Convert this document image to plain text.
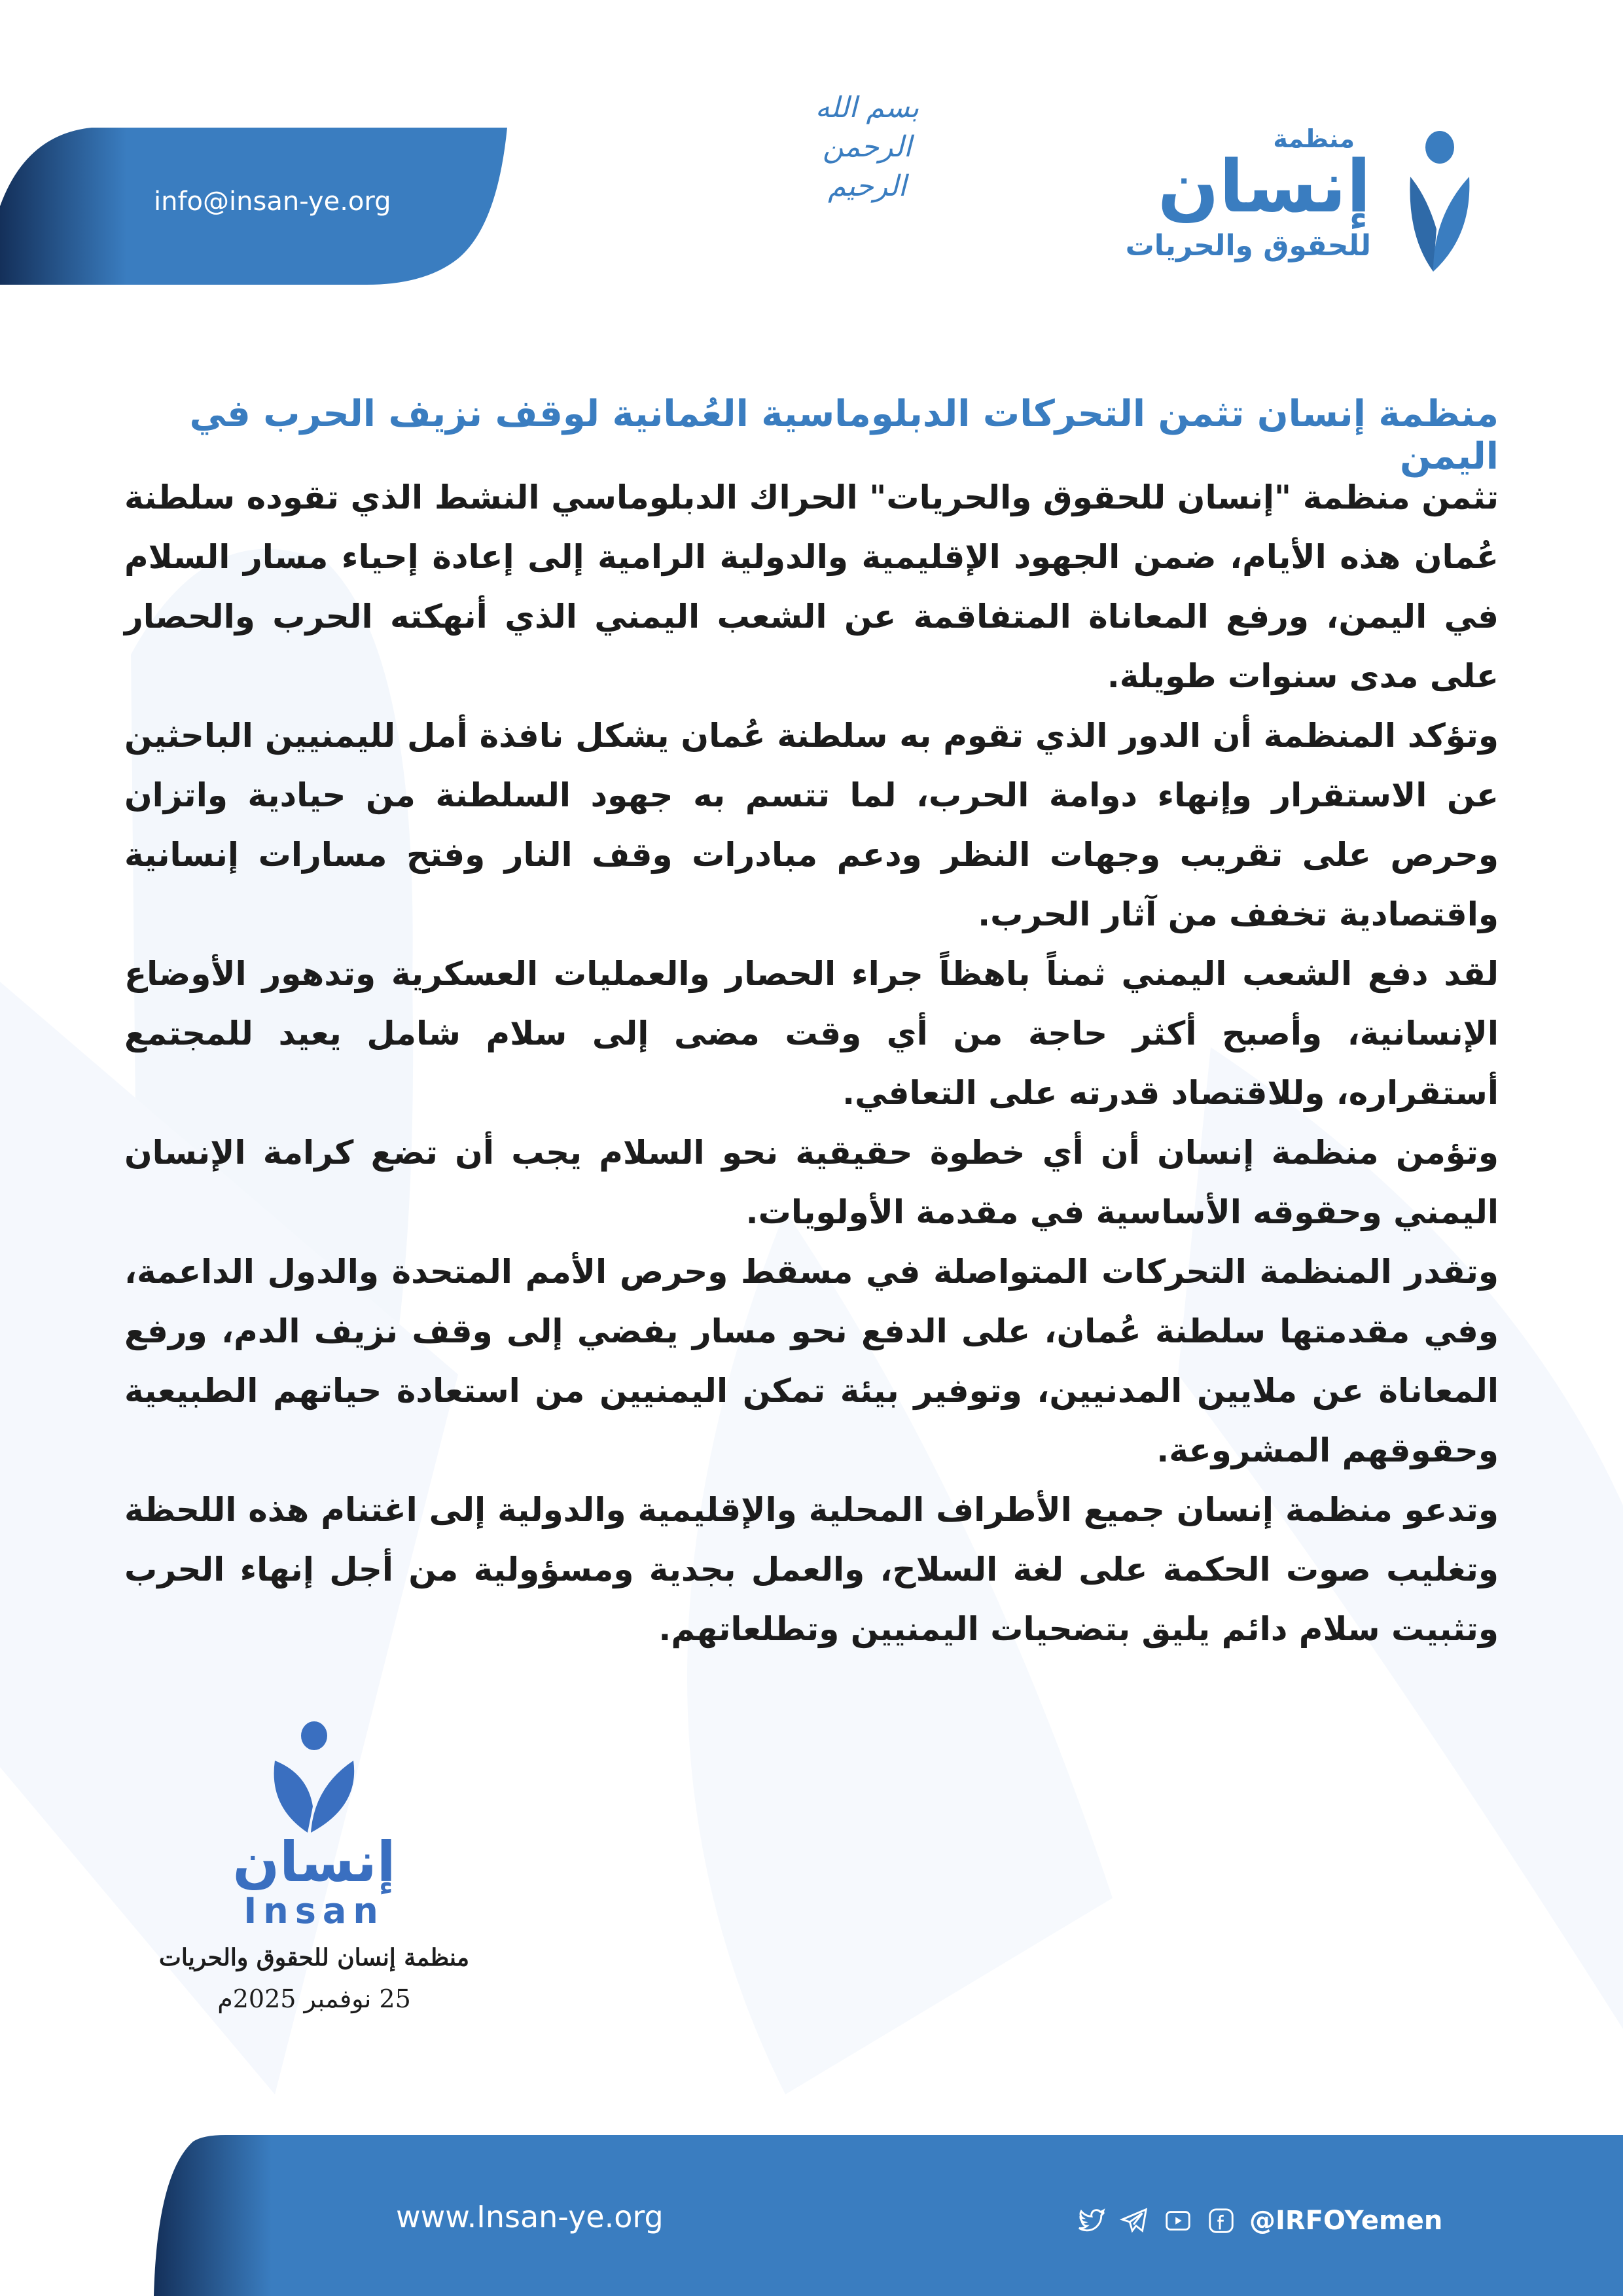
info@insan-ye.org
بسم الله الرحمن الرحيم
منظمة
إنسان
للحقوق والحريات
منظمة إنسان تثمن التحركات الدبلوماسية العُمانية لوقف نزيف الحرب في اليمن

تثمن منظمة "إنسان للحقوق والحريات" الحراك الدبلوماسي النشط الذي تقوده سلطنة عُمان هذه الأيام، ضمن الجهود الإقليمية والدولية الرامية إلى إعادة إحياء مسار السلام في اليمن، ورفع المعاناة المتفاقمة عن الشعب اليمني الذي أنهكته الحرب والحصار على مدى سنوات طويلة.

وتؤكد المنظمة أن الدور الذي تقوم به سلطنة عُمان يشكل نافذة أمل لليمنيين الباحثين عن الاستقرار وإنهاء دوامة الحرب، لما تتسم به جهود السلطنة من حيادية واتزان وحرص على تقريب وجهات النظر ودعم مبادرات وقف النار وفتح مسارات إنسانية واقتصادية تخفف من آثار الحرب.

لقد دفع الشعب اليمني ثمناً باهظاً جراء الحصار والعمليات العسكرية وتدهور الأوضاع الإنسانية، وأصبح أكثر حاجة من أي وقت مضى إلى سلام شامل يعيد للمجتمع أستقراره، وللاقتصاد قدرته على التعافي.

وتؤمن منظمة إنسان أن أي خطوة حقيقية نحو السلام يجب أن تضع كرامة الإنسان اليمني وحقوقه الأساسية في مقدمة الأولويات.

وتقدر المنظمة التحركات المتواصلة في مسقط وحرص الأمم المتحدة والدول الداعمة، وفي مقدمتها سلطنة عُمان، على الدفع نحو مسار يفضي إلى وقف نزيف الدم، ورفع المعاناة عن ملايين المدنيين، وتوفير بيئة تمكن اليمنيين من استعادة حياتهم الطبيعية وحقوقهم المشروعة.

وتدعو منظمة إنسان جميع الأطراف المحلية والإقليمية والدولية إلى اغتنام هذه اللحظة وتغليب صوت الحكمة على لغة السلاح، والعمل بجدية ومسؤولية من أجل إنهاء الحرب وتثبيت سلام دائم يليق بتضحيات اليمنيين وتطلعاتهم.

إنسان
Insan
منظمة إنسان للحقوق والحريات
25 نوفمبر 2025م
www.Insan-ye.org	@IRFOYemen
